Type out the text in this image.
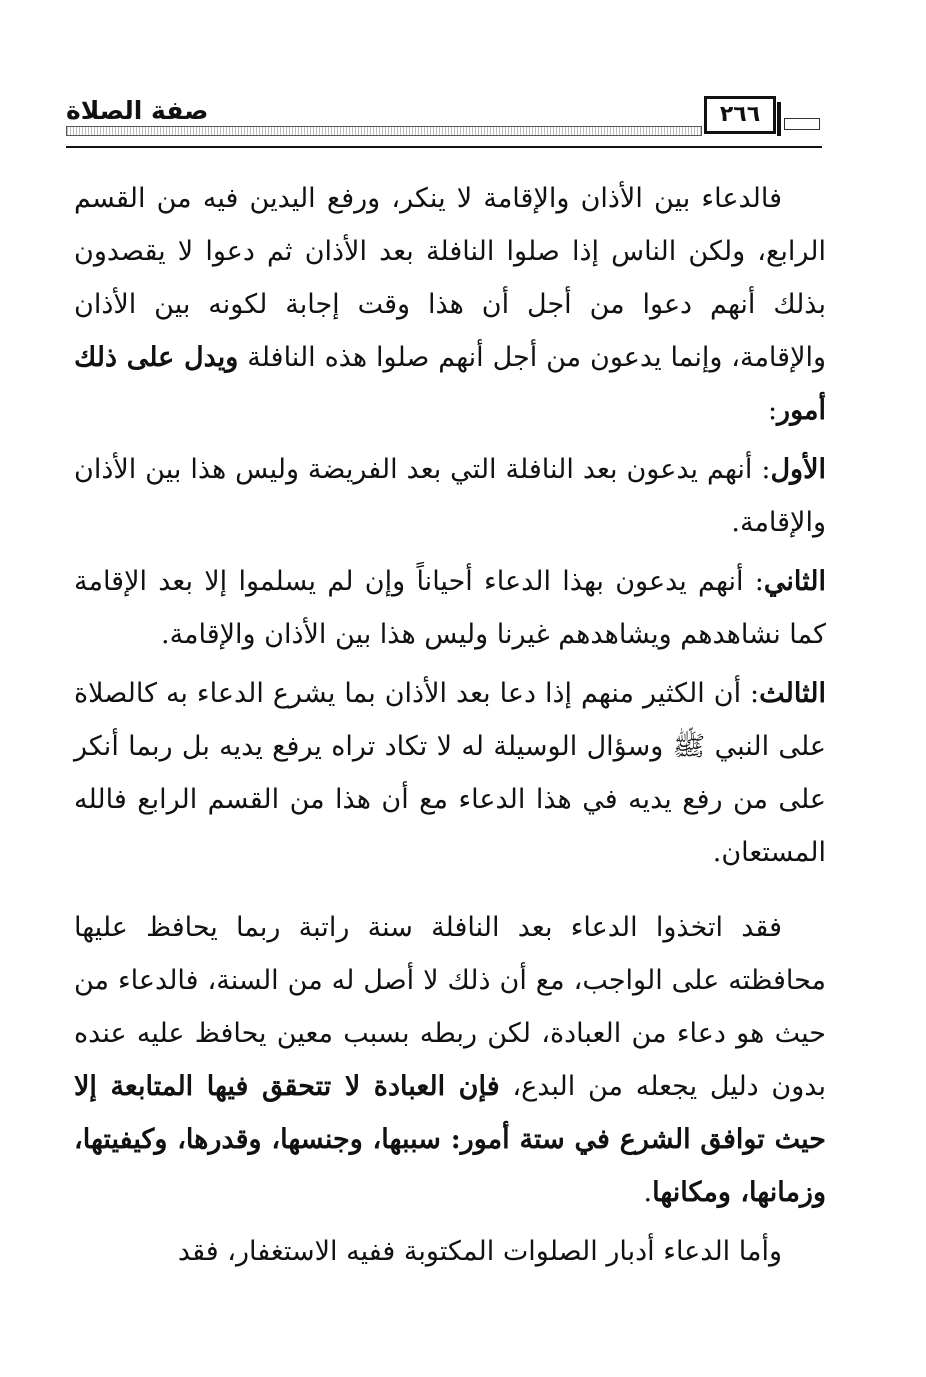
صفة الصلاة	٢٦٦

فالدعاء بين الأذان والإقامة لا ينكر، ورفع اليدين فيه من القسم الرابع، ولكن الناس إذا صلوا النافلة بعد الأذان ثم دعوا لا يقصدون بذلك أنهم دعوا من أجل أن هذا وقت إجابة لكونه بين الأذان والإقامة، وإنما يدعون من أجل أنهم صلوا هذه النافلة ويدل على ذلك أمور:

الأول: أنهم يدعون بعد النافلة التي بعد الفريضة وليس هذا بين الأذان والإقامة.

الثاني: أنهم يدعون بهذا الدعاء أحياناً وإن لم يسلموا إلا بعد الإقامة كما نشاهدهم ويشاهدهم غيرنا وليس هذا بين الأذان والإقامة.

الثالث: أن الكثير منهم إذا دعا بعد الأذان بما يشرع الدعاء به كالصلاة على النبي ﷺ وسؤال الوسيلة له لا تكاد تراه يرفع يديه بل ربما أنكر على من رفع يديه في هذا الدعاء مع أن هذا من القسم الرابع فالله المستعان.

فقد اتخذوا الدعاء بعد النافلة سنة راتبة ربما يحافظ عليها محافظته على الواجب، مع أن ذلك لا أصل له من السنة، فالدعاء من حيث هو دعاء من العبادة، لكن ربطه بسبب معين يحافظ عليه عنده بدون دليل يجعله من البدع، فإن العبادة لا تتحقق فيها المتابعة إلا حيث توافق الشرع في ستة أمور: سببها، وجنسها، وقدرها، وكيفيتها، وزمانها، ومكانها.

وأما الدعاء أدبار الصلوات المكتوبة ففيه الاستغفار، فقد
